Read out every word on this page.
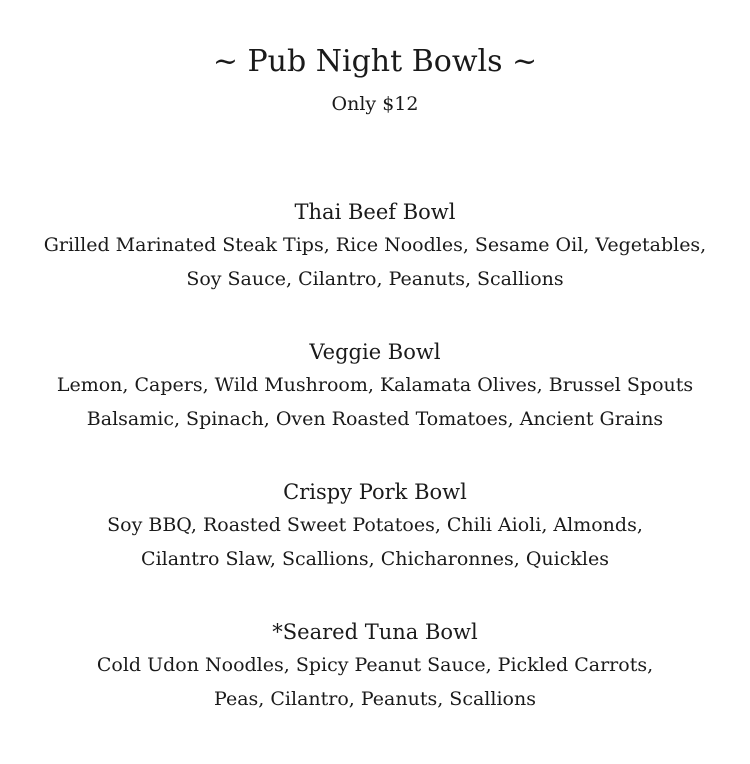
~ Pub Night Bowls ~
Only $12
Thai Beef Bowl

Grilled Marinated Steak Tips, Rice Noodles, Sesame Oil, Vegetables,

Soy Sauce, Cilantro, Peanuts, Scallions

Veggie Bowl

Lemon, Capers, Wild Mushroom, Kalamata Olives, Brussel Spouts

Balsamic, Spinach, Oven Roasted Tomatoes, Ancient Grains

Crispy Pork Bowl

Soy BBQ, Roasted Sweet Potatoes, Chili Aioli, Almonds,

Cilantro Slaw, Scallions, Chicharonnes, Quickles

*Seared Tuna Bowl

Cold Udon Noodles, Spicy Peanut Sauce, Pickled Carrots,

Peas, Cilantro, Peanuts, Scallions
